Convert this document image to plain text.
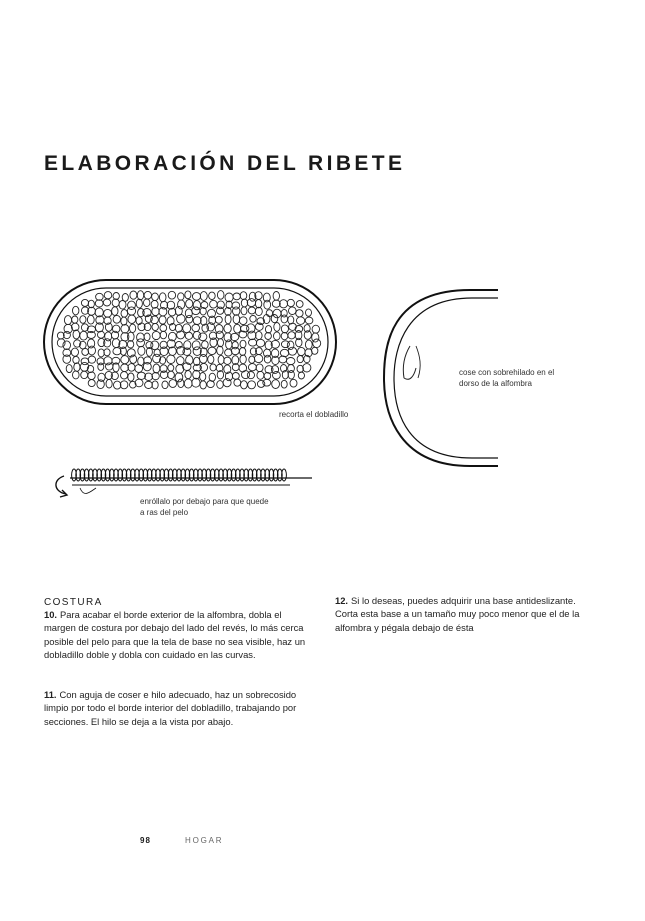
ELABORACIÓN DEL RIBETE
recorta el dobladillo
enróllalo por debajo para que quede a ras del pelo
cose con sobrehilado en el dorso de la alfombra
COSTURA
10. Para acabar el borde exterior de la alfombra, dobla el margen de costura por debajo del lado del revés, lo más cerca posible del pelo para que la tela de base no sea visible, haz un dobladillo doble y dobla con cuidado en las curvas.
11. Con aguja de coser e hilo adecuado, haz un sobrecosido limpio por todo el borde interior del dobladillo, trabajando por secciones. El hilo se deja a la vista por abajo.
12. Si lo deseas, puedes adquirir una base antideslizante. Corta esta base a un tamaño muy poco menor que el de la alfombra y pégala debajo de ésta
98	HOGAR
